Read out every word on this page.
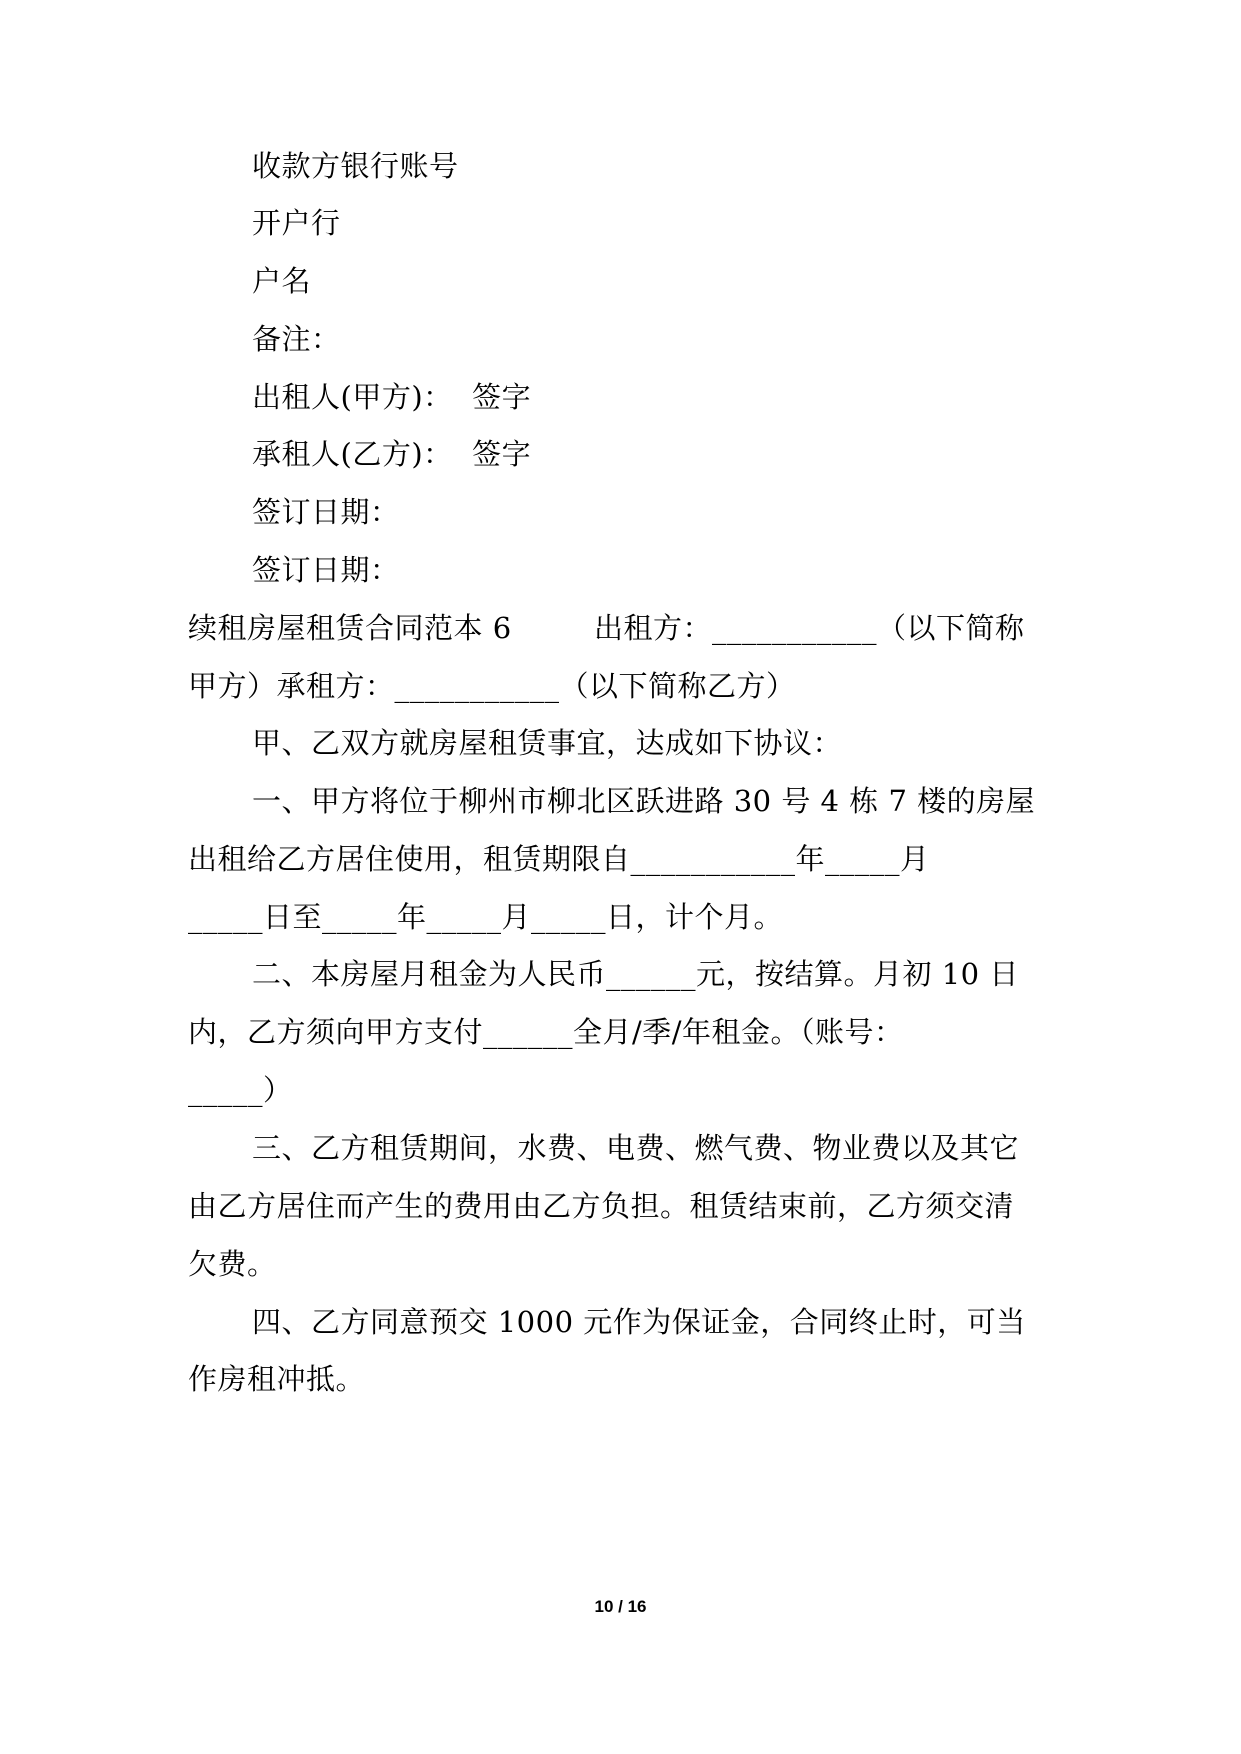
收款方银行账号
开户行
户名
备注：
出租人(甲方)：  签字
承租人(乙方)：  签字
签订日期：
签订日期：
续租房屋租赁合同范本 6	出租方：___________（以下简称
甲方）承租方：___________（以下简称乙方）
甲、乙双方就房屋租赁事宜，达成如下协议：
一、甲方将位于柳州市柳北区跃进路 30 号 4 栋 7 楼的房屋
出租给乙方居住使用，租赁期限自___________年_____月
_____日至_____年_____月_____日，计个月。
二、本房屋月租金为人民币______元，按结算。月初 10 日
内，乙方须向甲方支付______全月/季/年租金。（账号：
_____）
三、乙方租赁期间，水费、电费、燃气费、物业费以及其它
由乙方居住而产生的费用由乙方负担。租赁结束前，乙方须交清
欠费。
四、乙方同意预交 1000 元作为保证金，合同终止时，可当
作房租冲抵。
10 / 16
